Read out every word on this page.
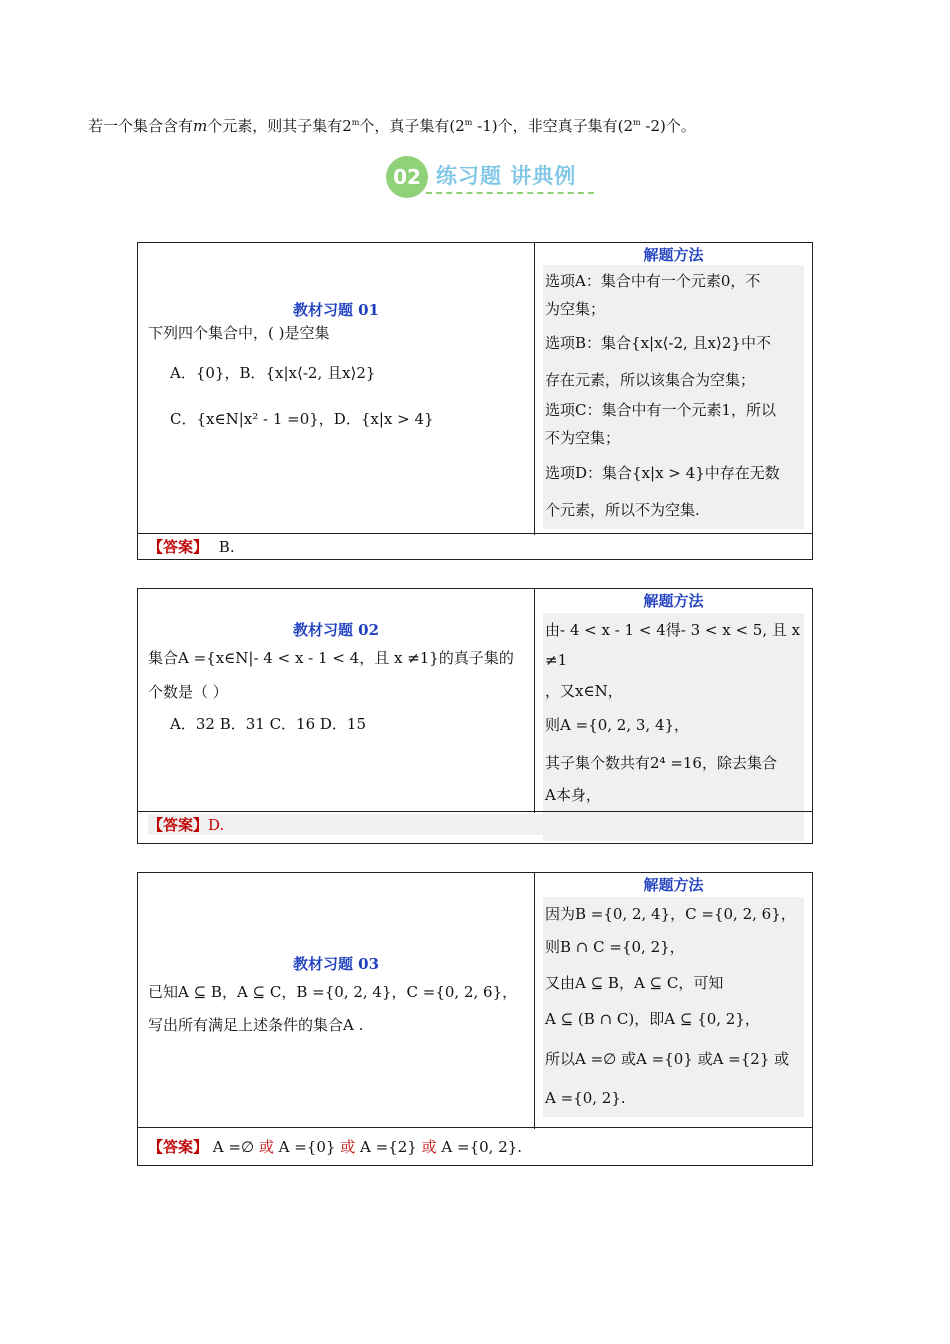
若一个集合含有m个元素，则其子集有2$^m$个，真子集有(2$^m$ -1)个，非空真子集有(2$^m$ -2)个。
02 练习题 讲典例
教材习题 01
下列四个集合中，( )是空集
A．{0}，B．{x|x⟨-2, 且x⟩2}
C．{x∈N|x² - 1 =0}，D．{x|x > 4}
解题方法

选项A：集合中有一个元素0，不

为空集；

选项B：集合{x|x⟨-2, 且x⟩2}中不

存在元素，所以该集合为空集；

选项C：集合中有一个元素1，所以

不为空集；

选项D：集合{x|x > 4}中存在无数

个元素，所以不为空集.

【答案】 B.
教材习题 02
集合A ={x∈N|- 4 < x - 1 < 4，且 x ≠1}的真子集的
个数是（ ）
A．32 B．31 C．16 D．15
解题方法

由- 4 < x - 1 < 4得- 3 < x < 5, 且 x ≠1

，又x∈N，

则A ={0, 2, 3, 4}，

其子集个数共有2⁴ =16，除去集合

A本身，

【答案】D.
教材习题 03
已知A ⊆ B，A ⊆ C，B ={0, 2, 4}，C ={0, 2, 6}，
写出所有满足上述条件的集合A .
解题方法

因为B ={0, 2, 4}，C ={0, 2, 6}，

则B ∩ C ={0, 2}，

又由A ⊆ B，A ⊆ C，可知

A ⊆ (B ∩ C)，即A ⊆ {0, 2}，

所以A =∅ 或A ={0} 或A ={2} 或

A ={0, 2}.

【答案】 A =∅ 或 A ={0} 或 A ={2} 或 A ={0, 2}.
